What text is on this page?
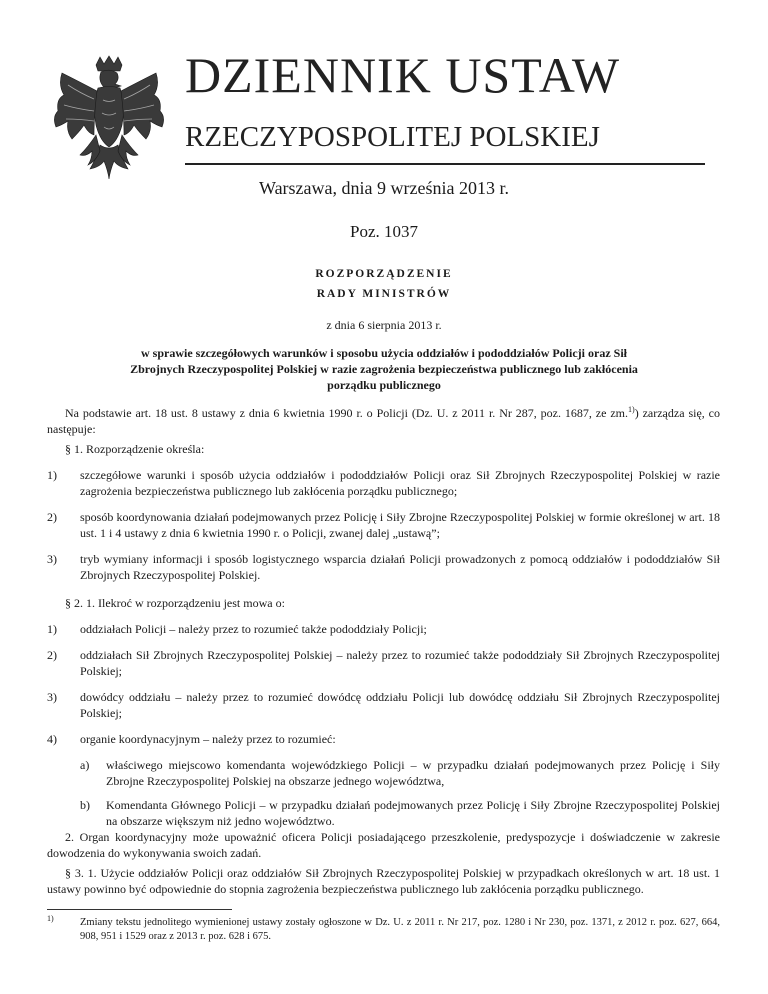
DZIENNIK USTAW
RZECZYPOSPOLITEJ POLSKIEJ
Warszawa, dnia 9 września 2013 r.
Poz. 1037
ROZPORZĄDZENIE
RADY MINISTRÓW
z dnia 6 sierpnia 2013 r.
w sprawie szczegółowych warunków i sposobu użycia oddziałów i pododdziałów Policji oraz Sił Zbrojnych Rzeczypospolitej Polskiej w razie zagrożenia bezpieczeństwa publicznego lub zakłócenia porządku publicznego
Na podstawie art. 18 ust. 8 ustawy z dnia 6 kwietnia 1990 r. o Policji (Dz. U. z 2011 r. Nr 287, poz. 1687, ze zm.$^{1)}$) zarządza się, co następuje:
§ 1. Rozporządzenie określa:
1) szczegółowe warunki i sposób użycia oddziałów i pododdziałów Policji oraz Sił Zbrojnych Rzeczypospolitej Polskiej w razie zagrożenia bezpieczeństwa publicznego lub zakłócenia porządku publicznego;
2) sposób koordynowania działań podejmowanych przez Policję i Siły Zbrojne Rzeczypospolitej Polskiej w formie określonej w art. 18 ust. 1 i 4 ustawy z dnia 6 kwietnia 1990 r. o Policji, zwanej dalej „ustawą”;
3) tryb wymiany informacji i sposób logistycznego wsparcia działań Policji prowadzonych z pomocą oddziałów i pododdziałów Sił Zbrojnych Rzeczypospolitej Polskiej.
§ 2. 1. Ilekroć w rozporządzeniu jest mowa o:
1) oddziałach Policji – należy przez to rozumieć także pododdziały Policji;
2) oddziałach Sił Zbrojnych Rzeczypospolitej Polskiej – należy przez to rozumieć także pododdziały Sił Zbrojnych Rzeczypospolitej Polskiej;
3) dowódcy oddziału – należy przez to rozumieć dowódcę oddziału Policji lub dowódcę oddziału Sił Zbrojnych Rzeczypospolitej Polskiej;
4) organie koordynacyjnym – należy przez to rozumieć:
a) właściwego miejscowo komendanta wojewódzkiego Policji – w przypadku działań podejmowanych przez Policję i Siły Zbrojne Rzeczypospolitej Polskiej na obszarze jednego województwa,
b) Komendanta Głównego Policji – w przypadku działań podejmowanych przez Policję i Siły Zbrojne Rzeczypospolitej Polskiej na obszarze większym niż jedno województwo.
2. Organ koordynacyjny może upoważnić oficera Policji posiadającego przeszkolenie, predyspozycje i doświadczenie w zakresie dowodzenia do wykonywania swoich zadań.
§ 3. 1. Użycie oddziałów Policji oraz oddziałów Sił Zbrojnych Rzeczypospolitej Polskiej w przypadkach określonych w art. 18 ust. 1 ustawy powinno być odpowiednie do stopnia zagrożenia bezpieczeństwa publicznego lub zakłócenia porządku publicznego.
1)	Zmiany tekstu jednolitego wymienionej ustawy zostały ogłoszone w Dz. U. z 2011 r. Nr 217, poz. 1280 i Nr 230, poz. 1371, z 2012 r. poz. 627, 664, 908, 951 i 1529 oraz z 2013 r. poz. 628 i 675.
